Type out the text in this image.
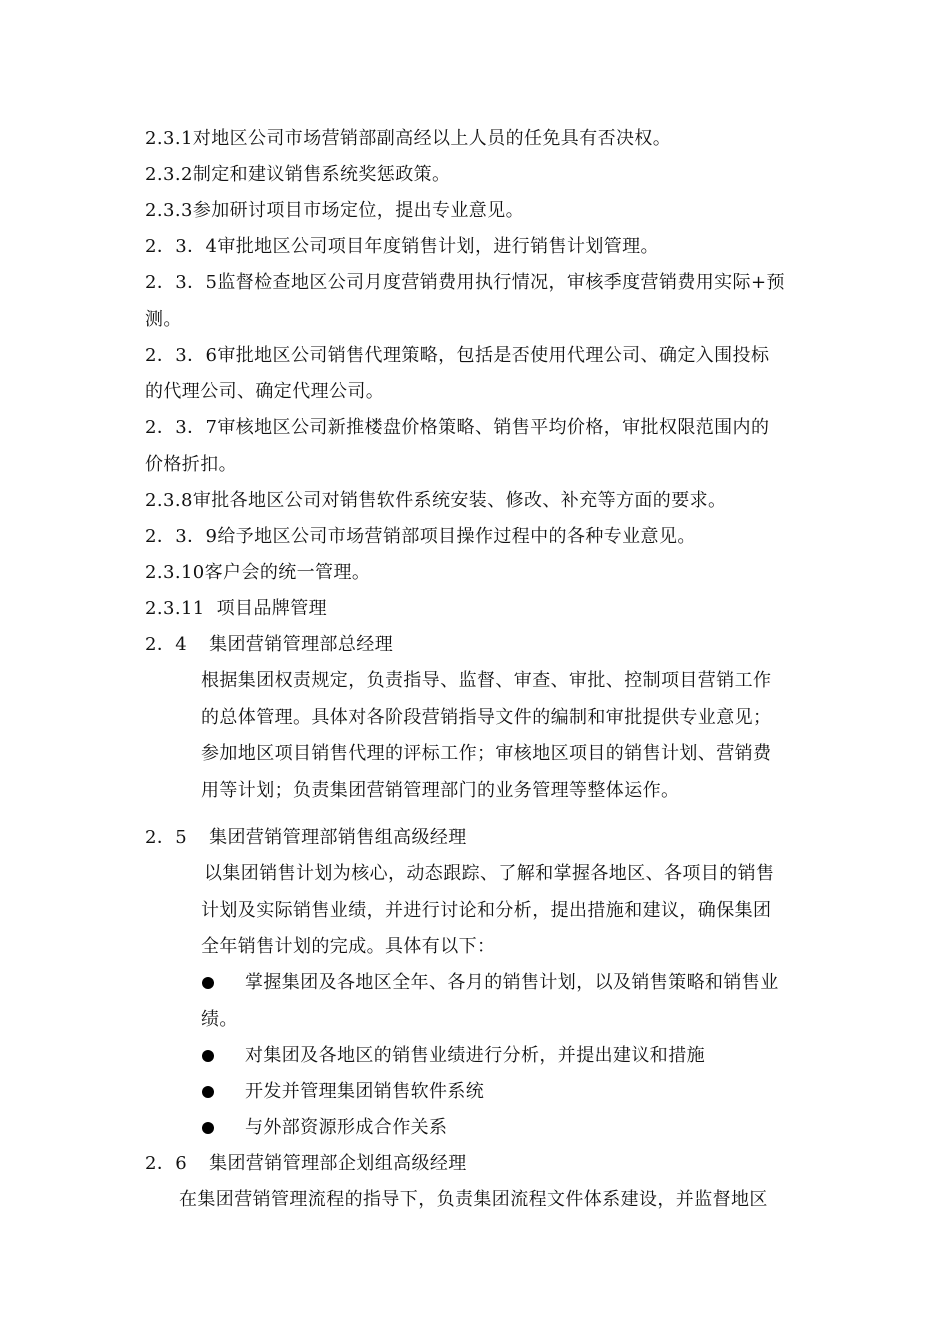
2.3.1对地区公司市场营销部副高经以上人员的任免具有否决权。
2.3.2制定和建议销售系统奖惩政策。
2.3.3参加研讨项目市场定位，提出专业意见。
2．3．4审批地区公司项目年度销售计划，进行销售计划管理。
2．3．5监督检查地区公司月度营销费用执行情况，审核季度营销费用实际+预
测。
2．3．6审批地区公司销售代理策略，包括是否使用代理公司、确定入围投标
的代理公司、确定代理公司。
2．3．7审核地区公司新推楼盘价格策略、销售平均价格，审批权限范围内的
价格折扣。
2.3.8审批各地区公司对销售软件系统安装、修改、补充等方面的要求。
2．3．9给予地区公司市场营销部项目操作过程中的各种专业意见。
2.3.10客户会的统一管理。
2.3.11 项目品牌管理
2．4 集团营销管理部总经理
根据集团权责规定，负责指导、监督、审查、审批、控制项目营销工作
的总体管理。具体对各阶段营销指导文件的编制和审批提供专业意见；
参加地区项目销售代理的评标工作；审核地区项目的销售计划、营销费
用等计划；负责集团营销管理部门的业务管理等整体运作。
2．5 集团营销管理部销售组高级经理
以集团销售计划为核心，动态跟踪、了解和掌握各地区、各项目的销售
计划及实际销售业绩，并进行讨论和分析，提出措施和建议，确保集团
全年销售计划的完成。具体有以下：
掌握集团及各地区全年、各月的销售计划，以及销售策略和销售业
绩。
对集团及各地区的销售业绩进行分析，并提出建议和措施
开发并管理集团销售软件系统
与外部资源形成合作关系
2．6 集团营销管理部企划组高级经理
在集团营销管理流程的指导下，负责集团流程文件体系建设，并监督地区
